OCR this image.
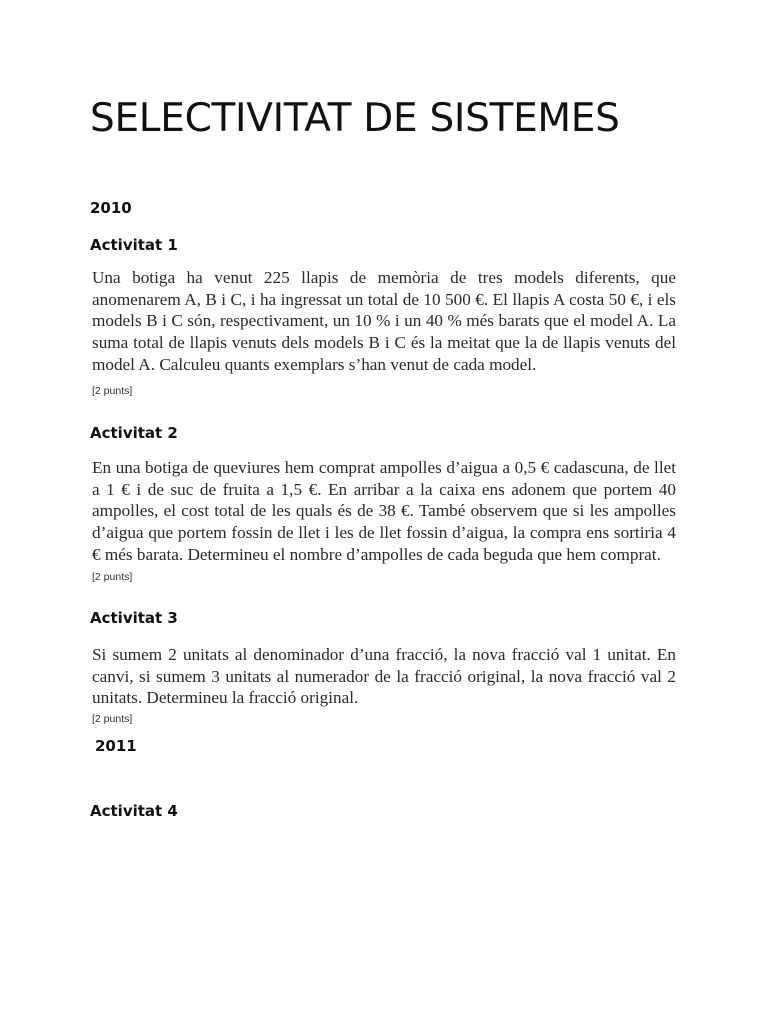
SELECTIVITAT DE SISTEMES
2010
Activitat 1

Una botiga ha venut 225 llapis de memòria de tres models diferents, que anomenarem A, B i C, i ha ingressat un total de 10 500 €. El llapis A costa 50 €, i els models B i C són, respectivament, un 10 % i un 40 % més barats que el model A. La suma total de llapis venuts dels models B i C és la meitat que la de llapis venuts del model A. Calculeu quants exemplars s’han venut de cada model.

[2 punts]
Activitat 2

En una botiga de queviures hem comprat ampolles d’aigua a 0,5 € cadascuna, de llet a 1 € i de suc de fruita a 1,5 €. En arribar a la caixa ens adonem que portem 40 ampolles, el cost total de les quals és de 38 €. També observem que si les ampolles d’aigua que portem fossin de llet i les de llet fossin d’aigua, la compra ens sortiria 4 € més barata. Determineu el nombre d’ampolles de cada beguda que hem comprat.

[2 punts]
Activitat 3

Si sumem 2 unitats al denominador d’una fracció, la nova fracció val 1 unitat. En canvi, si sumem 3 unitats al numerador de la fracció original, la nova fracció val 2 unitats. Determineu la fracció original.

[2 punts]
2011
Activitat 4
